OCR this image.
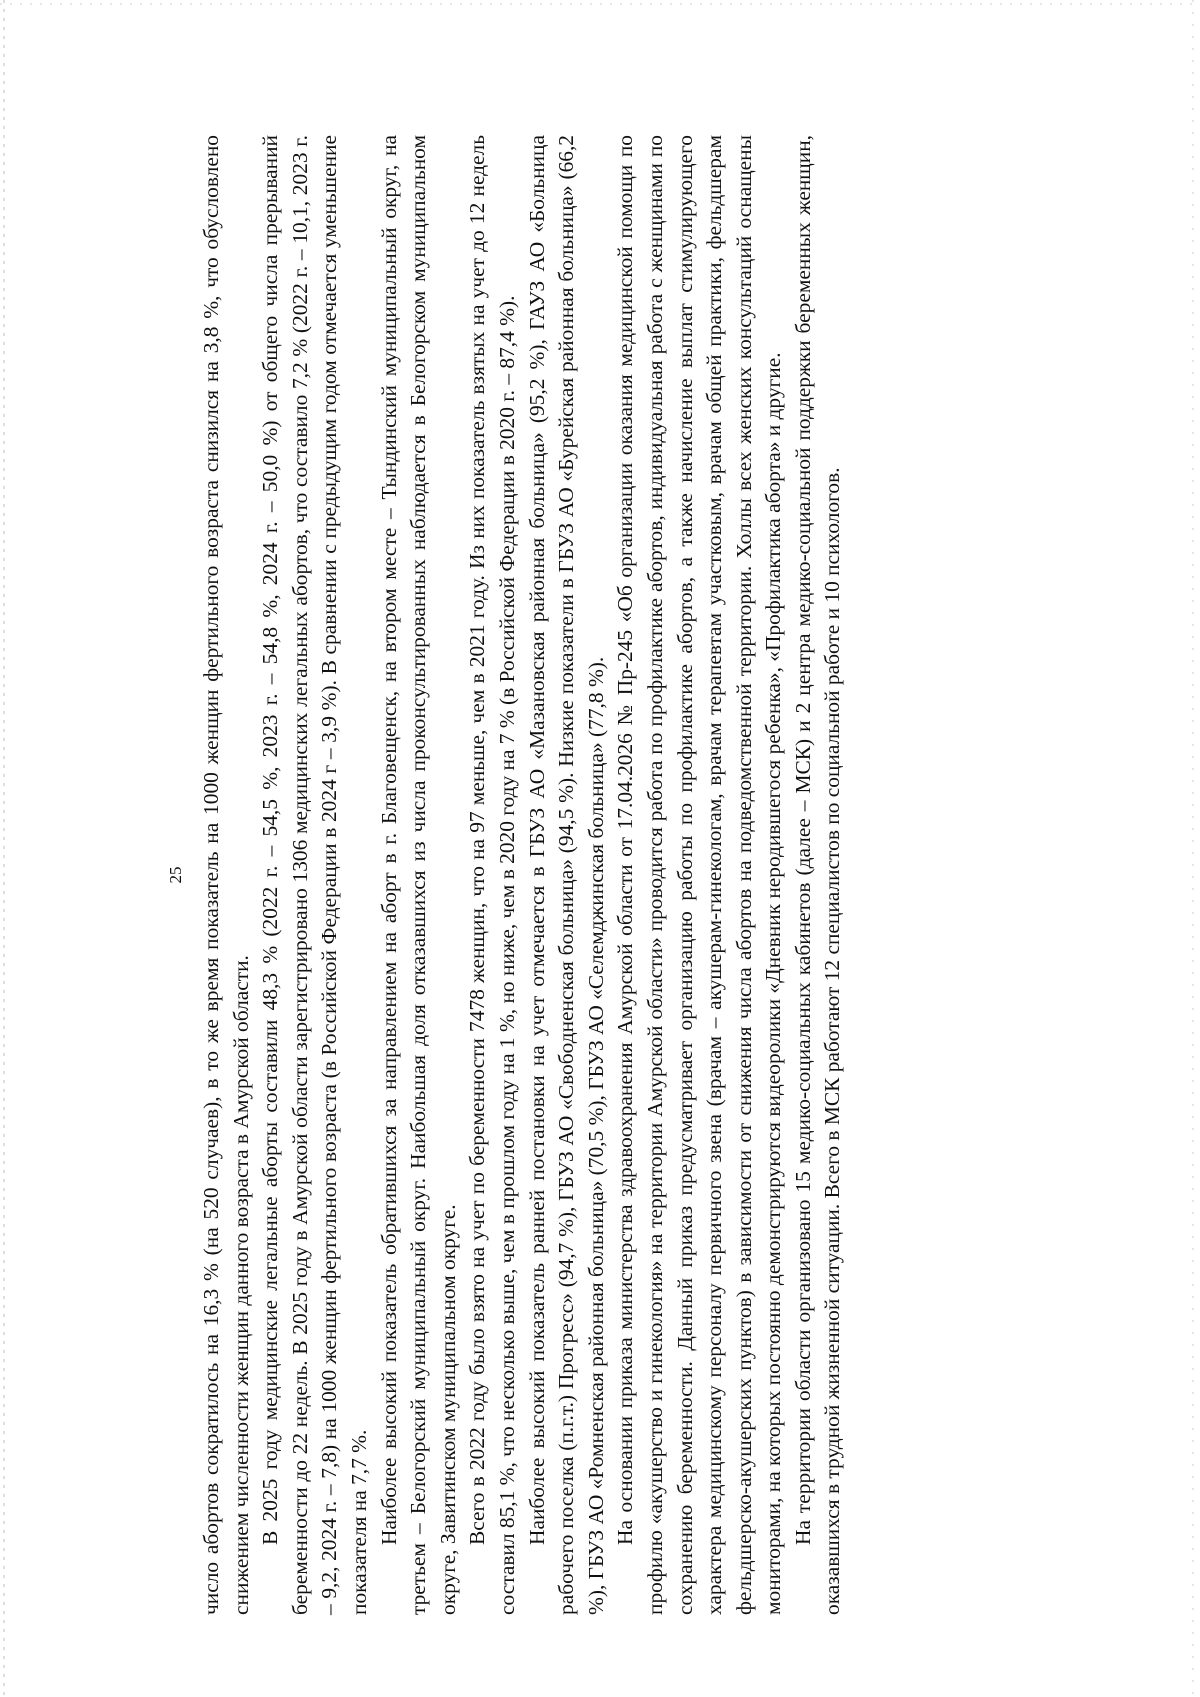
25 число абортов сократилось на 16,3 % (на 520 случаев), в то же время показатель на 1000 женщин фертильного возраста снизился на 3,8 %, что обусловлено снижением численности женщин данного возраста в Амурской области. В 2025 году медицинские легальные аборты составили 48,3 % (2022 г. – 54,5 %, 2023 г. – 54,8 %, 2024 г. – 50,0 %) от общего числа прерываний беременности до 22 недель. В 2025 году в Амурской области зарегистрировано 1306 медицинских легальных абортов, что составило 7,2 % (2022 г. – 10,1, 2023 г. – 9,2, 2024 г. – 7,8) на 1000 женщин фертильного возраста (в Российской Федерации в 2024 г – 3,9 %). В сравнении с предыдущим годом отмечается уменьшение показателя на 7,7 %. Наиболее высокий показатель обратившихся за направлением на аборт в г. Благовещенск, на втором месте – Тындинский муниципальный округ, на третьем – Белогорский муниципальный округ. Наибольшая доля отказавшихся из числа проконсультированных наблюдается в Белогорском муниципальном округе, Завитинском муниципальном округе. Всего в 2022 году было взято на учет по беременности 7478 женщин, что на 97 меньше, чем в 2021 году. Из них показатель взятых на учет до 12 недель составил 85,1 %, что несколько выше, чем в прошлом году на 1 %, но ниже, чем в 2020 году на 7 % (в Российской Федерации в 2020 г. – 87,4 %). Наиболее высокий показатель ранней постановки на учет отмечается в ГБУЗ АО «Мазановская районная больница» (95,2 %), ГАУЗ АО «Больница рабочего поселка (п.г.т.) Прогресс» (94,7 %), ГБУЗ АО «Свободненская больница» (94,5 %). Низкие показатели в ГБУЗ АО «Бурейская районная больница» (66,2 %), ГБУЗ АО «Ромненская районная больница» (70,5 %), ГБУЗ АО «Селемджинская больница» (77,8 %). На основании приказа министерства здравоохранения Амурской области от 17.04.2026 № Пр-245 «Об организации оказания медицинской помощи по профилю «акушерство и гинекология» на территории Амурской области» проводится работа по профилактике абортов, индивидуальная работа с женщинами по сохранению беременности. Данный приказ предусматривает организацию работы по профилактике абортов, а также начисление выплат стимулирующего характера медицинскому персоналу первичного звена (врачам – акушерам-гинекологам, врачам терапевтам участковым, врачам общей практики, фельдшерам фельдшерско-акушерских пунктов) в зависимости от снижения числа абортов на подведомственной территории. Холлы всех женских консультаций оснащены мониторами, на которых постоянно демонстрируются видеоролики «Дневник неродившегося ребенка», «Профилактика аборта» и другие. На территории области организовано 15 медико-социальных кабинетов (далее – МСК) и 2 центра медико-социальной поддержки беременных женщин, оказавшихся в трудной жизненной ситуации. Всего в МСК работают 12 специалистов по социальной работе и 10 психологов.
